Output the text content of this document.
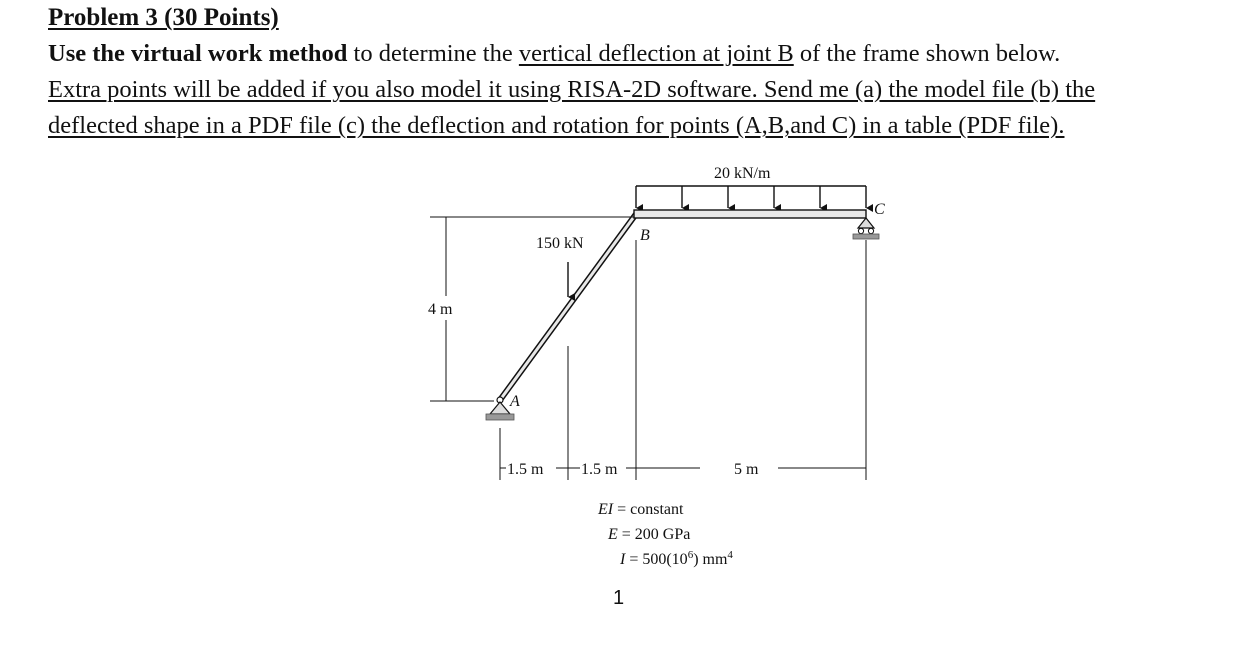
Problem 3 (30 Points)
Use the virtual work method to determine the vertical deflection at joint B of the frame shown below.
Extra points will be added if you also model it using RISA-2D software. Send me (a) the model file (b) the
deflected shape in a PDF file (c) the deflection and rotation for points (A,B,and C) in a table (PDF file).
20 kN/m
150 kN
A
B
C
4 m
1.5 m 1.5 m	5 m
EI = constant
E = 200 GPa
$I = 500(10^6)$ $mm^4$
1
